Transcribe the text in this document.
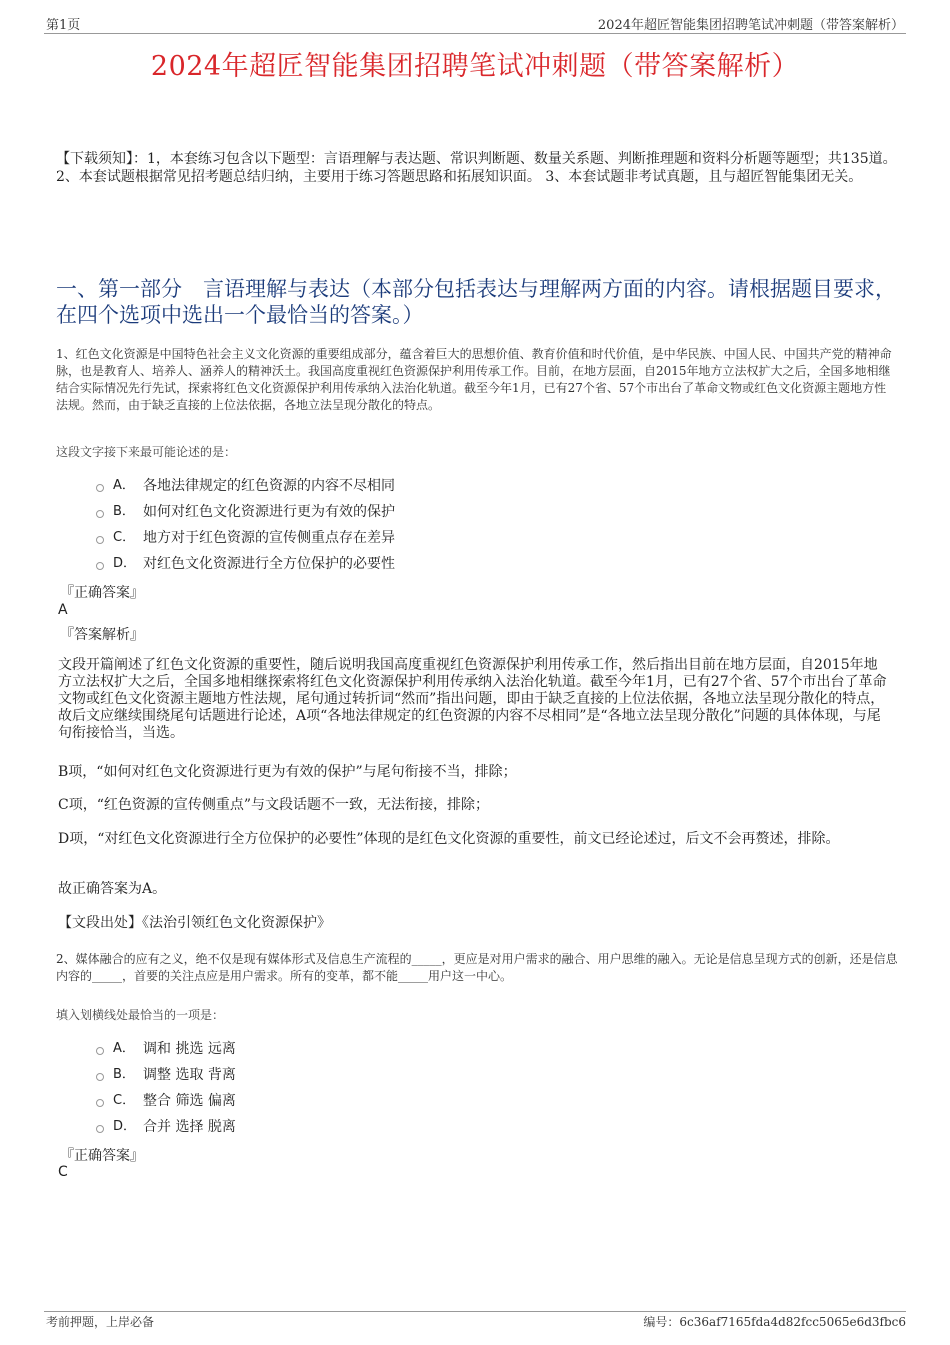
第1页	2024年超匠智能集团招聘笔试冲刺题（带答案解析）
2024年超匠智能集团招聘笔试冲刺题（带答案解析）
【下载须知】：1，本套练习包含以下题型：言语理解与表达题、常识判断题、数量关系题、判断推理题和资料分析题等题型；共135道。 2、本套试题根据常见招考题总结归纳，主要用于练习答题思路和拓展知识面。 3、本套试题非考试真题，且与超匠智能集团无关。
一、第一部分　言语理解与表达（本部分包括表达与理解两方面的内容。请根据题目要求，在四个选项中选出一个最恰当的答案。）
1、红色文化资源是中国特色社会主义文化资源的重要组成部分，蕴含着巨大的思想价值、教育价值和时代价值，是中华民族、中国人民、中国共产党的精神命脉，也是教育人、培养人、涵养人的精神沃土。我国高度重视红色资源保护利用传承工作。目前，在地方层面，自2015年地方立法权扩大之后，全国多地相继结合实际情况先行先试，探索将红色文化资源保护利用传承纳入法治化轨道。截至今年1月，已有27个省、57个市出台了革命文物或红色文化资源主题地方性法规。然而，由于缺乏直接的上位法依据，各地立法呈现分散化的特点。
这段文字接下来最可能论述的是：
A． 各地法律规定的红色资源的内容不尽相同
B． 如何对红色文化资源进行更为有效的保护
C． 地方对于红色资源的宣传侧重点存在差异
D． 对红色文化资源进行全方位保护的必要性
『正确答案』
A
『答案解析』
文段开篇阐述了红色文化资源的重要性，随后说明我国高度重视红色资源保护利用传承工作，然后指出目前在地方层面，自2015年地方立法权扩大之后，全国多地相继探索将红色文化资源保护利用传承纳入法治化轨道。截至今年1月，已有27个省、57个市出台了革命文物或红色文化资源主题地方性法规，尾句通过转折词“然而”指出问题，即由于缺乏直接的上位法依据，各地立法呈现分散化的特点，故后文应继续围绕尾句话题进行论述，A项“各地法律规定的红色资源的内容不尽相同”是“各地立法呈现分散化”问题的具体体现，与尾句衔接恰当，当选。
B项，“如何对红色文化资源进行更为有效的保护”与尾句衔接不当，排除；
C项，“红色资源的宣传侧重点”与文段话题不一致，无法衔接，排除；
D项，“对红色文化资源进行全方位保护的必要性”体现的是红色文化资源的重要性，前文已经论述过，后文不会再赘述，排除。
故正确答案为A。
【文段出处】《法治引领红色文化资源保护》
2、媒体融合的应有之义，绝不仅是现有媒体形式及信息生产流程的_____，更应是对用户需求的融合、用户思维的融入。无论是信息呈现方式的创新，还是信息内容的_____，首要的关注点应是用户需求。所有的变革，都不能_____用户这一中心。
填入划横线处最恰当的一项是：
A． 调和 挑选 远离
B． 调整 选取 背离
C． 整合 筛选 偏离
D． 合并 选择 脱离
『正确答案』
C
考前押题，上岸必备	编号：6c36af7165fda4d82fcc5065e6d3fbc6
